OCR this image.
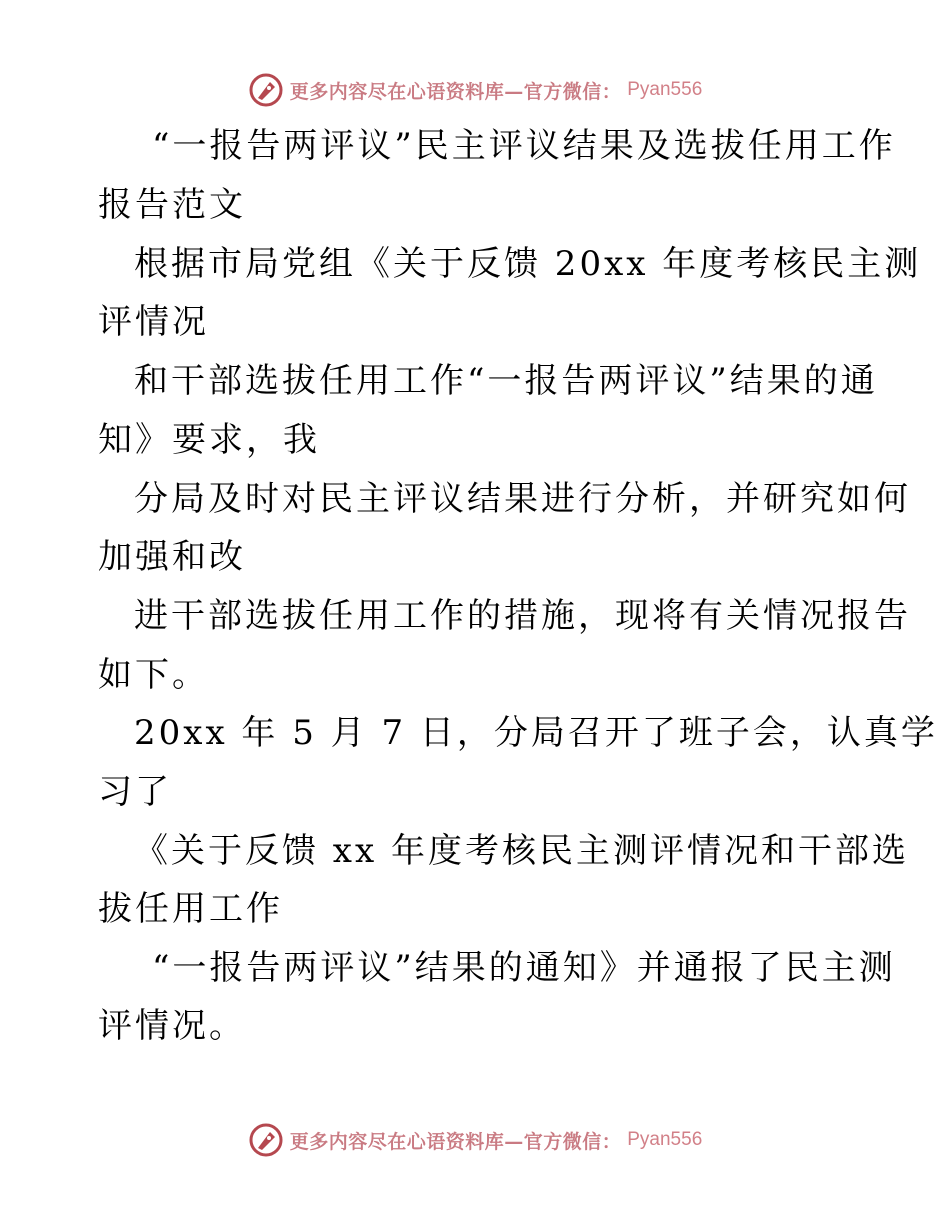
更多内容尽在心语资料库—官方微信： Pyan556
“一报告两评议”民主评议结果及选拔任用工作
报告范文
根据市局党组《关于反馈 20xx 年度考核民主测
评情况
和干部选拔任用工作“一报告两评议”结果的通
知》要求，我
分局及时对民主评议结果进行分析，并研究如何
加强和改
进干部选拔任用工作的措施，现将有关情况报告
如下。
20xx 年 5 月 7 日，分局召开了班子会，认真学
习了
《关于反馈 xx 年度考核民主测评情况和干部选
拔任用工作
“一报告两评议”结果的通知》并通报了民主测
评情况。
更多内容尽在心语资料库—官方微信： Pyan556
